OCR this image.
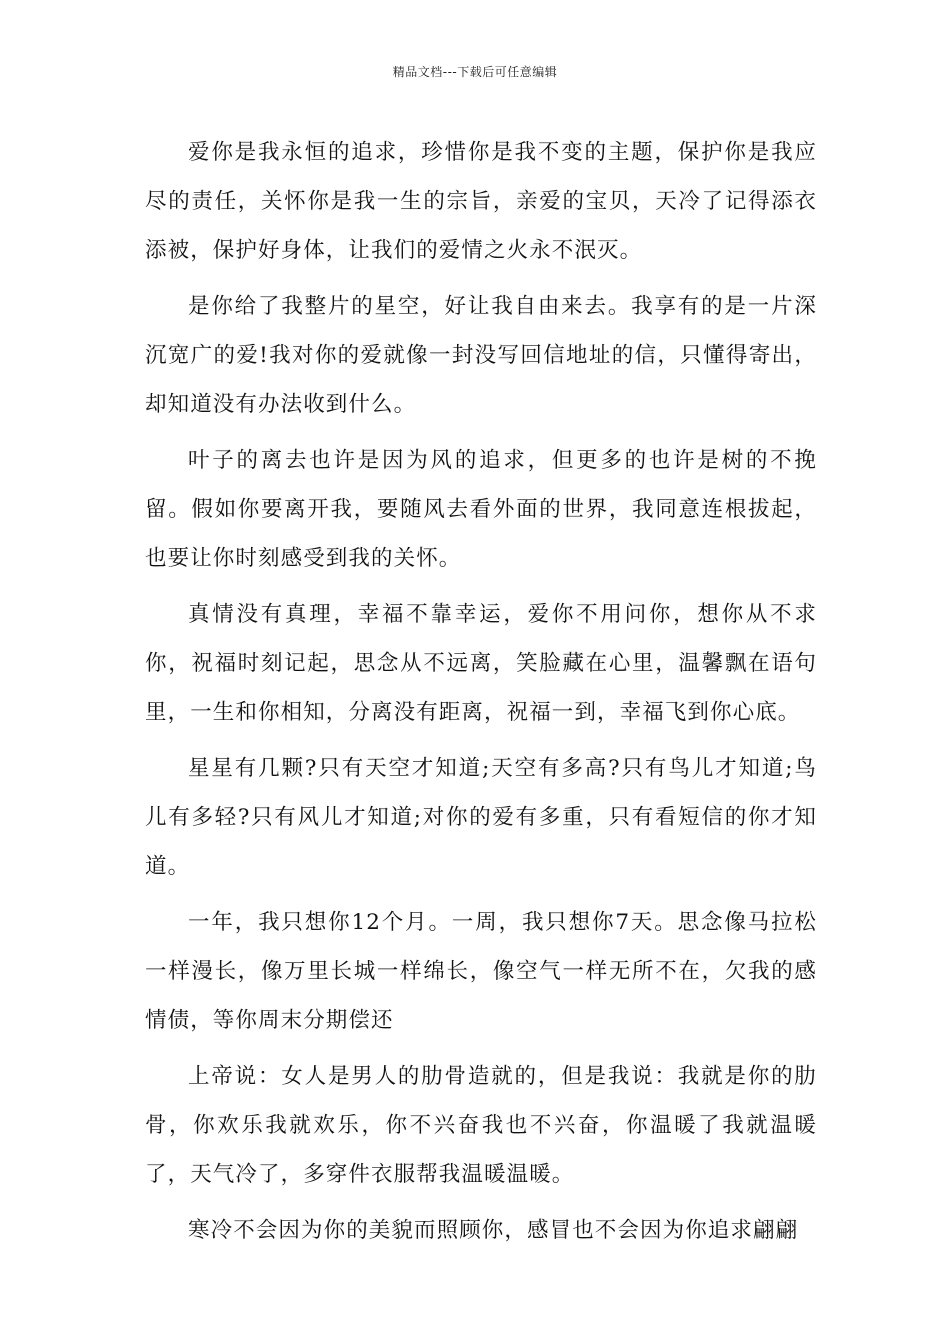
精品文档---下载后可任意编辑

爱你是我永恒的追求，珍惜你是我不变的主题，保护你是我应尽的责任，关怀你是我一生的宗旨，亲爱的宝贝，天冷了记得添衣添被，保护好身体，让我们的爱情之火永不泯灭。

是你给了我整片的星空，好让我自由来去。我享有的是一片深沉宽广的爱!我对你的爱就像一封没写回信地址的信，只懂得寄出，却知道没有办法收到什么。

叶子的离去也许是因为风的追求，但更多的也许是树的不挽留。假如你要离开我，要随风去看外面的世界，我同意连根拔起，也要让你时刻感受到我的关怀。

真情没有真理，幸福不靠幸运，爱你不用问你，想你从不求你，祝福时刻记起，思念从不远离，笑脸藏在心里，温馨飘在语句里，一生和你相知，分离没有距离，祝福一到，幸福飞到你心底。

星星有几颗?只有天空才知道;天空有多高?只有鸟儿才知道;鸟儿有多轻?只有风儿才知道;对你的爱有多重，只有看短信的你才知道。

一年，我只想你12个月。一周，我只想你7天。思念像马拉松一样漫长，像万里长城一样绵长，像空气一样无所不在，欠我的感情债，等你周末分期偿还

上帝说：女人是男人的肋骨造就的，但是我说：我就是你的肋骨，你欢乐我就欢乐，你不兴奋我也不兴奋，你温暖了我就温暖了，天气冷了，多穿件衣服帮我温暖温暖。

寒冷不会因为你的美貌而照顾你，感冒也不会因为你追求翩翩
